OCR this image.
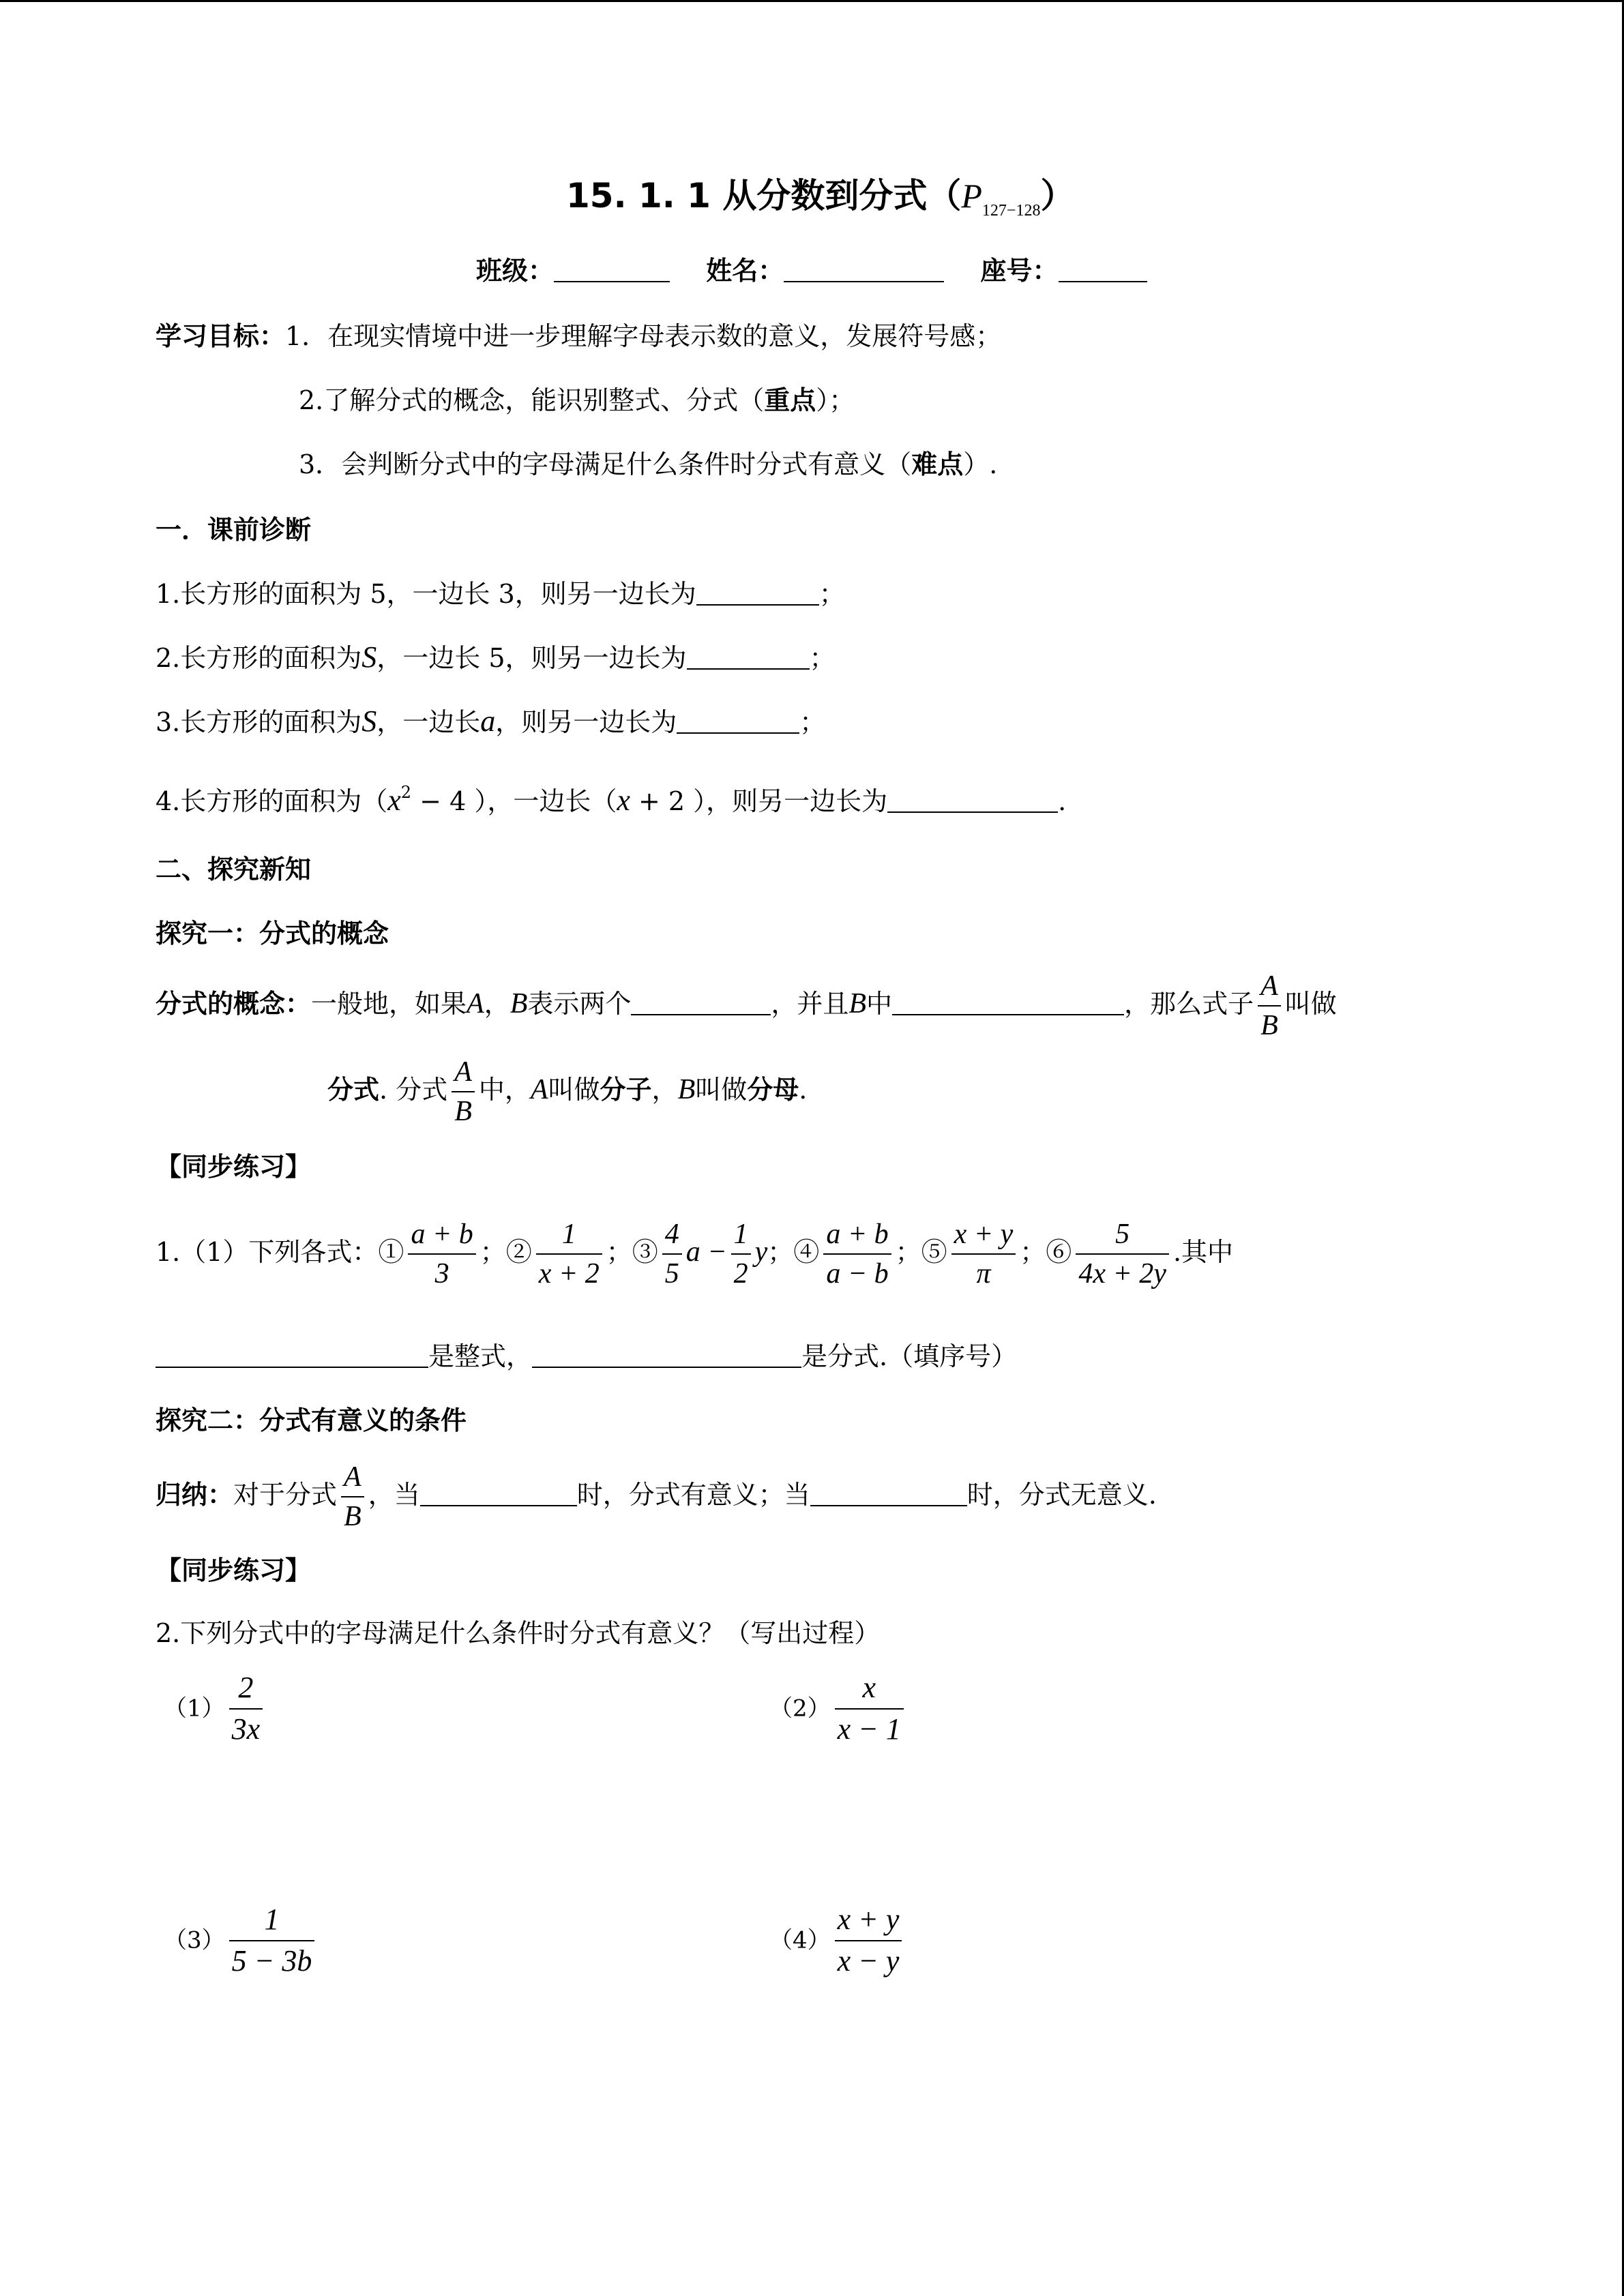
15. 1. 1 从分数到分式$(P_{127-128})$
班级：	姓名：	座号：
学习目标：1．在现实情境中进一步理解字母表示数的意义，发展符号感；
2.了解分式的概念，能识别整式、分式（重点）；
3．会判断分式中的字母满足什么条件时分式有意义（难点）.
一．课前诊断
1.长方形的面积为 5，一边长 3，则另一边长为	；
2.长方形的面积为S，一边长 5，则另一边长为	；
3.长方形的面积为S，一边长a，则另一边长为	；
4.长方形的面积为（$x^2 - 4$ ），一边长（x + 2 ），则另一边长为	.
二、探究新知
探究一：分式的概念
分式的概念：一般地，如果A，B表示两个	，并且B中	，那么式子 $\frac{A}{B}$ 叫做
分式. 分式 $\frac{A}{B}$ 中，A叫做分子，B叫做分母.
【同步练习】
1.（1）下列各式：① $\frac{a + b}{3}$ ；② $\frac{1}{x + 2}$ ；③ $\frac{4}{5}$ $a - \frac{1}{2}$ y；④ $\frac{a + b}{a - b}$ ；⑤ $\frac{x + y}{\pi}$ ；⑥ $\frac{5}{4x + 2y}$ .其中
是整式，	是分式.（填序号）
探究二：分式有意义的条件
归纳：对于分式 $\frac{A}{B}$ ，当	时，分式有意义；当	时，分式无意义.
【同步练习】
2.下列分式中的字母满足什么条件时分式有意义？（写出过程）
$(1) \frac{2}{3x}$	$(2) \frac{x}{x - 1}$
$(3) \frac{1}{5 - 3b}$	$(4) \frac{x + y}{x - y}$
